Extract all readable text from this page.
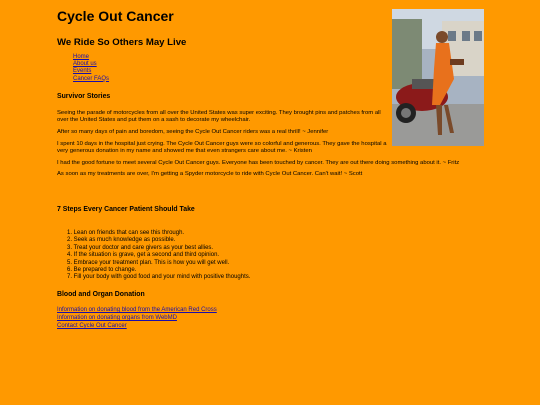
Cycle Out Cancer
We Ride So Others May Live
Home
About us
Events
Cancer FAQs
Survivor Stories

Seeing the parade of motorcycles from all over the United States was super exciting. They brought pins and patches from all over the United States and put them on a sash to decorate my wheelchair.

After so many days of pain and boredom, seeing the Cycle Out Cancer riders was a real thrill! ~ Jennifer

I spent 10 days in the hospital just crying. The Cycle Out Cancer guys were so colorful and generous. They gave the hospital a very generous donation in my name and showed me that even strangers care about me. ~ Kristen

I had the good fortune to meet several Cycle Out Cancer guys. Everyone has been touched by cancer. They are out there doing something about it. ~ Fritz

As soon as my treatments are over, I'm getting a Spyder motorcycle to ride with Cycle Out Cancer. Can't wait! ~ Scott

7 Steps Every Cancer Patient Should Take
1. Lean on friends that can see this through.
2. Seek as much knowledge as possible.
3. Treat your doctor and care givers as your best allies.
4. If the situation is grave, get a second and third opinion.
5. Embrace your treatment plan. This is how you will get well.
6. Be prepared to change.
7. Fill your body with good food and your mind with positive thoughts.
Blood and Organ Donation
Information on donating blood from the American Red Cross
Information on donating organs from WebMD
Contact Cycle Out Cancer
